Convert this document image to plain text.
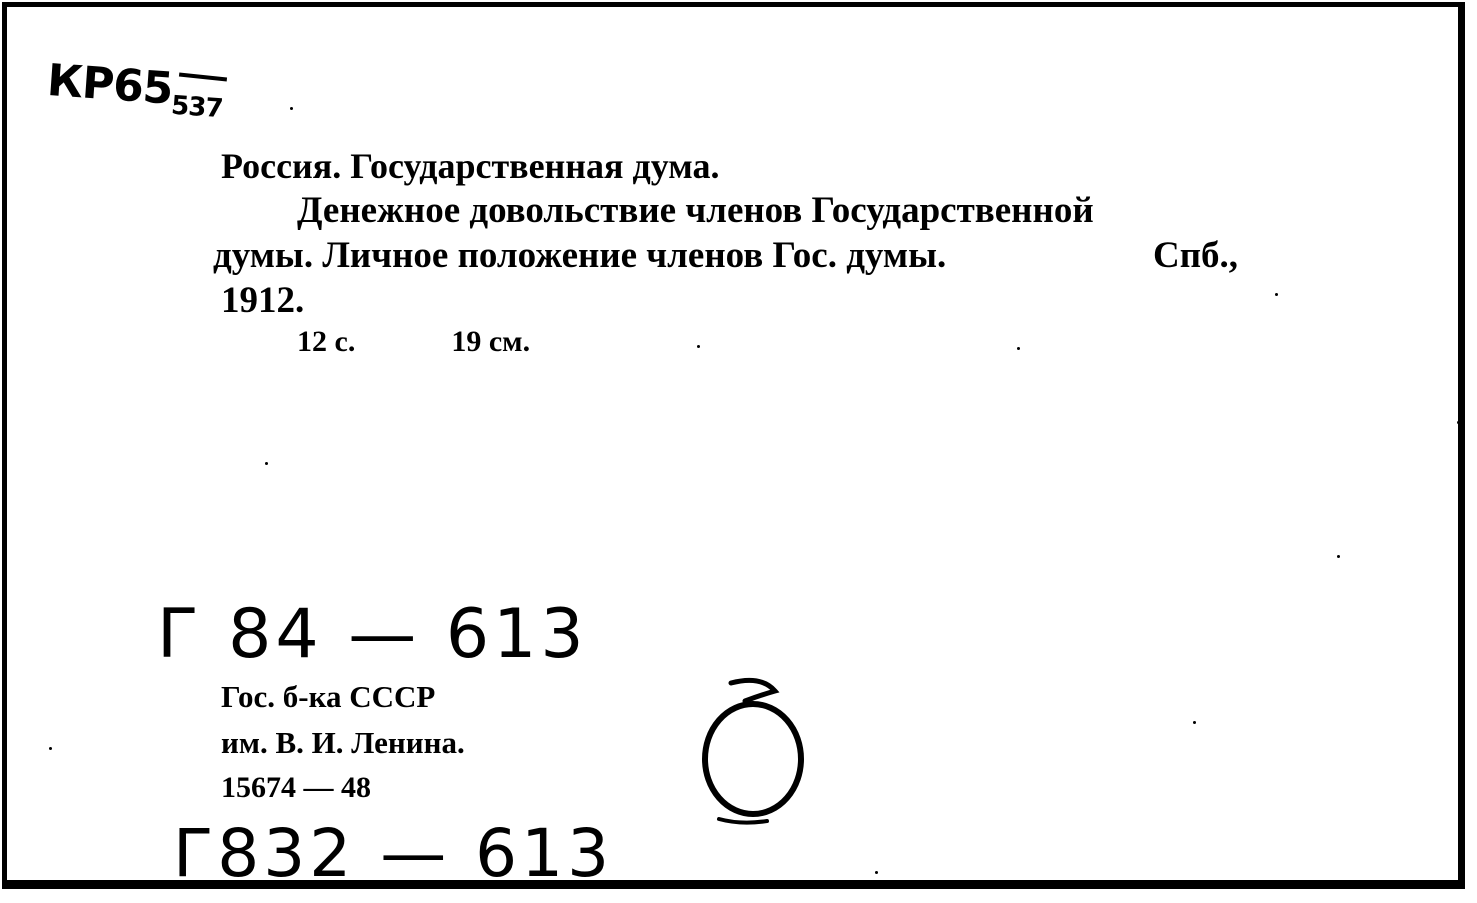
$КР65_{537}$
Россия. Государственная дума.
Денежное довольствие членов Государственной
думы. Личное положение членов Гос. думы.	Спб.,
1912.
12 с.	19 см.
Г 84 — 613
Гос. б-ка СССР
им. В. И. Ленина.
15674 — 48
Г832 — 613
